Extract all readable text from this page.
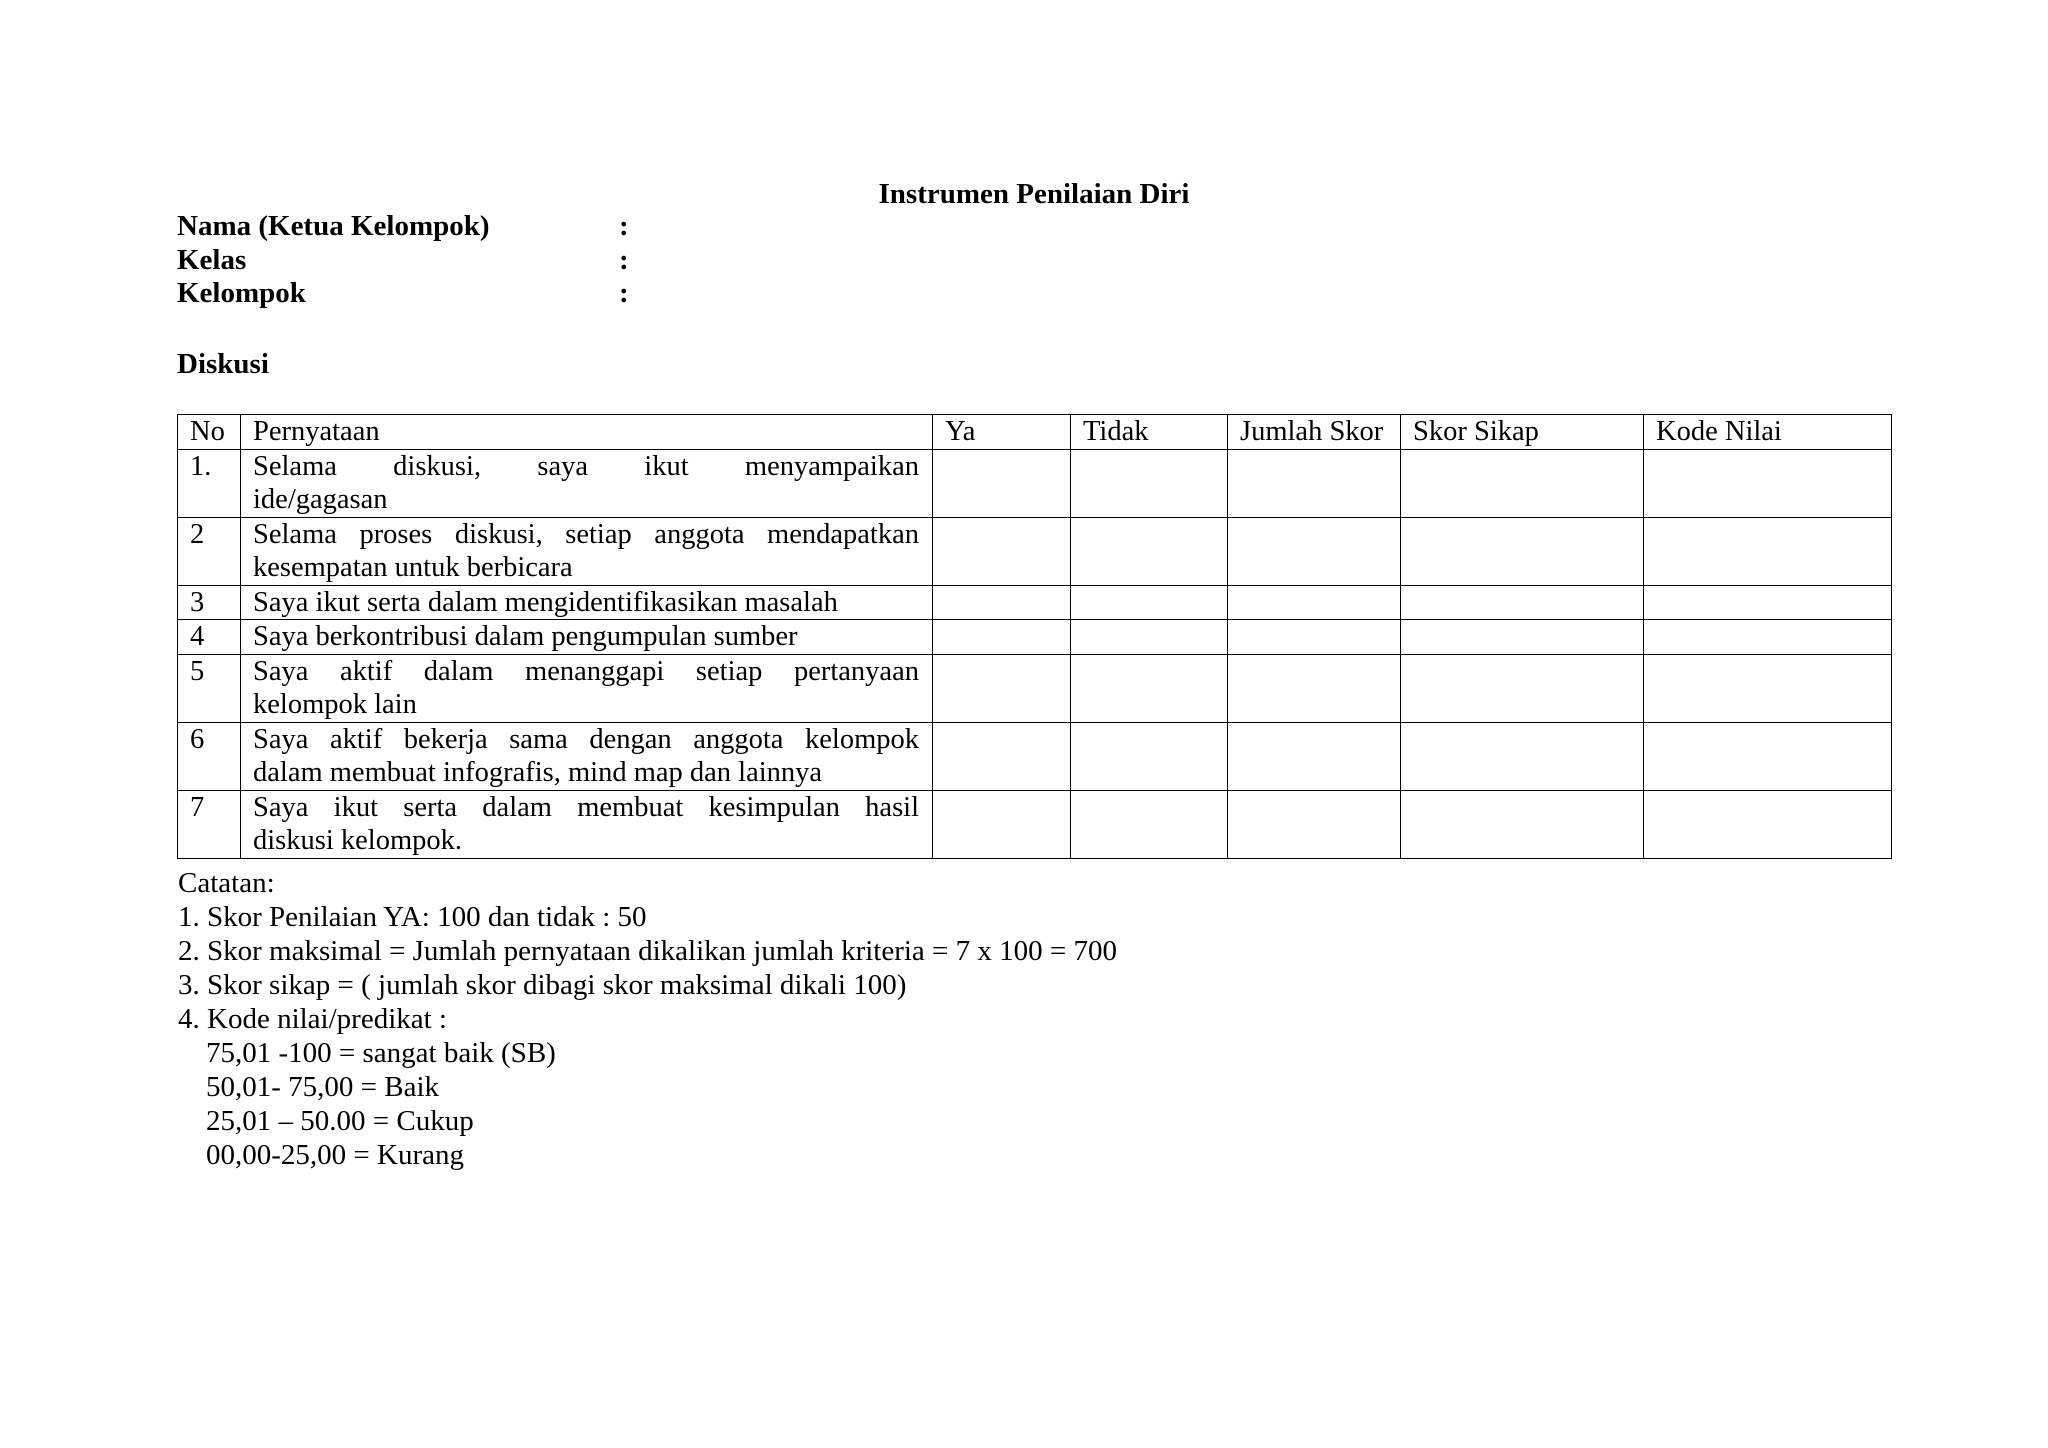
Instrumen Penilaian Diri
Nama (Ketua Kelompok)	:
Kelas	:
Kelompok	:
Diskusi
No	Pernyataan	Ya	Tidak	Jumlah Skor	Skor Sikap	Kode Nilai
1.	Selama diskusi, saya ikut menyampaikan
ide/gagasan					

2	Selama proses diskusi, setiap anggota mendapatkan
kesempatan untuk berbicara					

3	Saya ikut serta dalam mengidentifikasikan masalah					

4	Saya berkontribusi dalam pengumpulan sumber					

5	Saya aktif dalam menanggapi setiap pertanyaan
kelompok lain					

6	Saya aktif bekerja sama dengan anggota kelompok
dalam membuat infografis, mind map dan lainnya					

7	Saya ikut serta dalam membuat kesimpulan hasil
diskusi kelompok.					

Catatan:
1. Skor Penilaian YA: 100 dan tidak : 50
2. Skor maksimal = Jumlah pernyataan dikalikan jumlah kriteria = 7 x 100 = 700
3. Skor sikap = ( jumlah skor dibagi skor maksimal dikali 100)
4. Kode nilai/predikat :
75,01 -100 = sangat baik (SB)
50,01- 75,00 = Baik
25,01 – 50.00 = Cukup
00,00-25,00 = Kurang
